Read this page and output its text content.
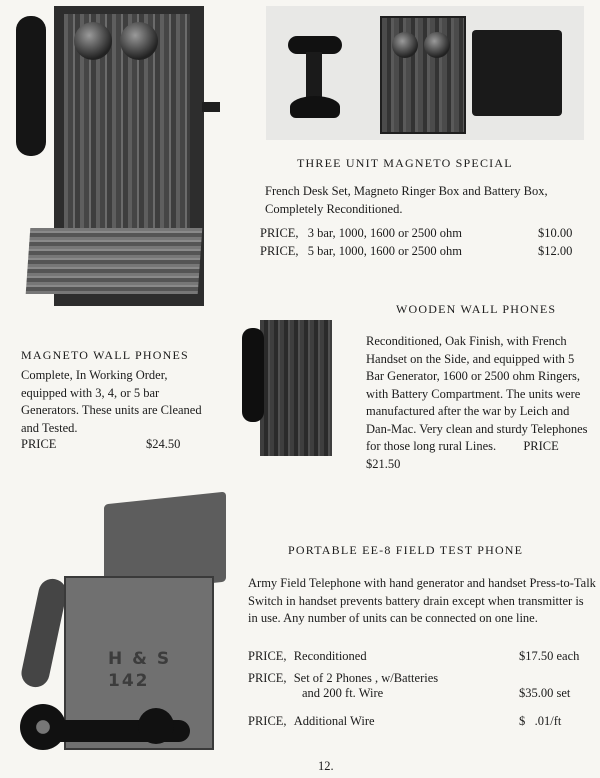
THREE UNIT MAGNETO SPECIAL
French Desk Set, Magneto Ringer Box and Battery Box, Completely Reconditioned.
PRICE, 3 bar, 1000, 1600 or 2500 ohm	$10.00
PRICE, 5 bar, 1000, 1600 or 2500 ohm	$12.00
WOODEN WALL PHONES
Reconditioned, Oak Finish, with French Handset on the Side, and equipped with 5 Bar Generator, 1600 or 2500 ohm Ringers, with Battery Compartment. The units were manufactured after the war by Leich and Dan-Mac. Very clean and sturdy Telephones for those long rural Lines. PRICE $21.50
MAGNETO WALL PHONES
Complete, In Working Order, equipped with 3, 4, or 5 bar Generators. These units are Cleaned and Tested.
PRICE	$24.50
H & S
142
PORTABLE EE-8 FIELD TEST PHONE
Army Field Telephone with hand generator and handset Press-to-Talk Switch in handset prevents battery drain except when transmitter is in use. Any number of units can be connected on one line.
PRICE, Reconditioned	$17.50 each
PRICE, Set of 2 Phones , w/Batteries
and 200 ft. Wire	$35.00 set
PRICE, Additional Wire	$   .01/ft
12.
